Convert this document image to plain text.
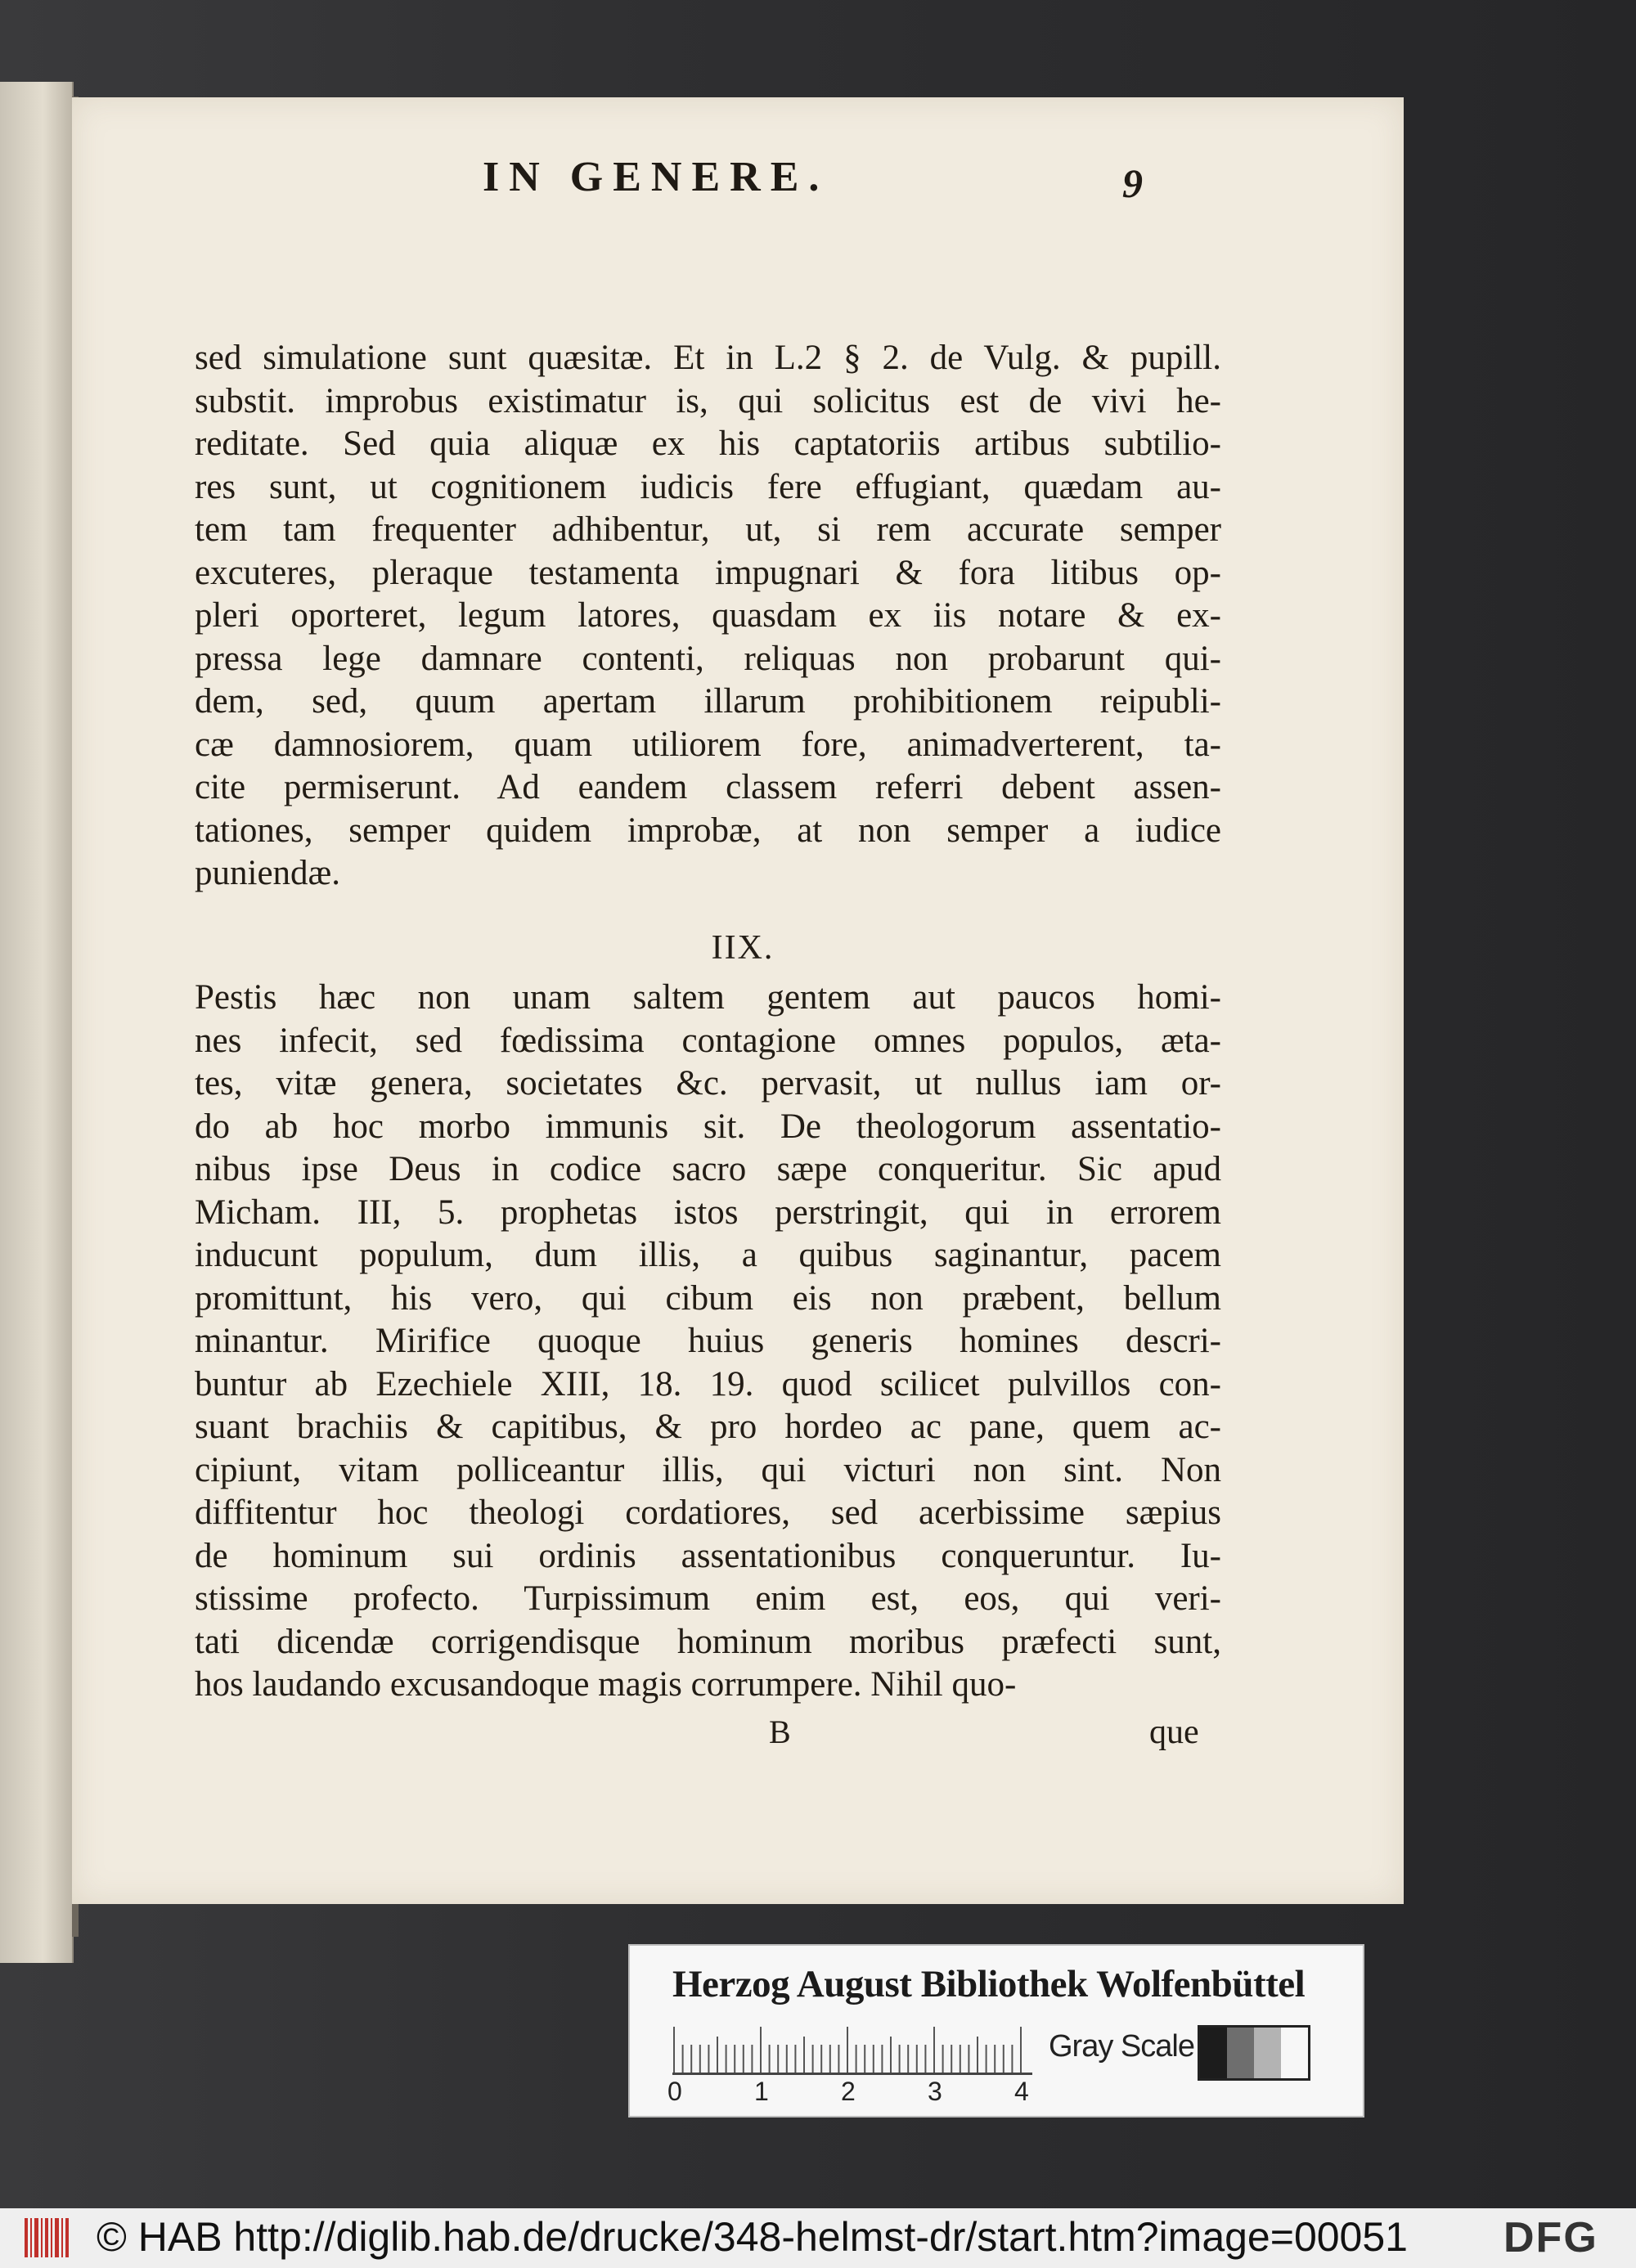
IN GENERE.	9
sed simulatione sunt quæsitæ. Et in L.2 § 2. de Vulg. & pupill.
substit. improbus existimatur is, qui solicitus est de vivi he-
reditate. Sed quia aliquæ ex his captatoriis artibus subtilio-
res sunt, ut cognitionem iudicis fere effugiant, quædam au-
tem tam frequenter adhibentur, ut, si rem accurate semper
excuteres, pleraque testamenta impugnari & fora litibus op-
pleri oporteret, legum latores, quasdam ex iis notare & ex-
pressa lege damnare contenti, reliquas non probarunt qui-
dem, sed, quum apertam illarum prohibitionem reipubli-
cæ damnosiorem, quam utiliorem fore, animadverterent, ta-
cite permiserunt. Ad eandem classem referri debent assen-
tationes, semper quidem improbæ, at non semper a iudice
puniendæ.
IIX.
Pestis hæc non unam saltem gentem aut paucos homi-
nes infecit, sed fœdissima contagione omnes populos, æta-
tes, vitæ genera, societates &c. pervasit, ut nullus iam or-
do ab hoc morbo immunis sit. De theologorum assentatio-
nibus ipse Deus in codice sacro sæpe conqueritur. Sic apud
Micham. III, 5. prophetas istos perstringit, qui in errorem
inducunt populum, dum illis, a quibus saginantur, pacem
promittunt, his vero, qui cibum eis non præbent, bellum
minantur. Mirifice quoque huius generis homines descri-
buntur ab Ezechiele XIII, 18. 19. quod scilicet pulvillos con-
suant brachiis & capitibus, & pro hordeo ac pane, quem ac-
cipiunt, vitam polliceantur illis, qui victuri non sint. Non
diffitentur hoc theologi cordatiores, sed acerbissime sæpius
de hominum sui ordinis assentationibus conqueruntur. Iu-
stissime profecto. Turpissimum enim est, eos, qui veri-
tati dicendæ corrigendisque hominum moribus præfecti sunt,
hos laudando excusandoque magis corrumpere. Nihil quo-
B	que
Herzog August Bibliothek Wolfenbüttel
0	1	2	3	4
Gray Scale
© HAB http://diglib.hab.de/drucke/348-helmst-dr/start.htm?image=00051 DFG
